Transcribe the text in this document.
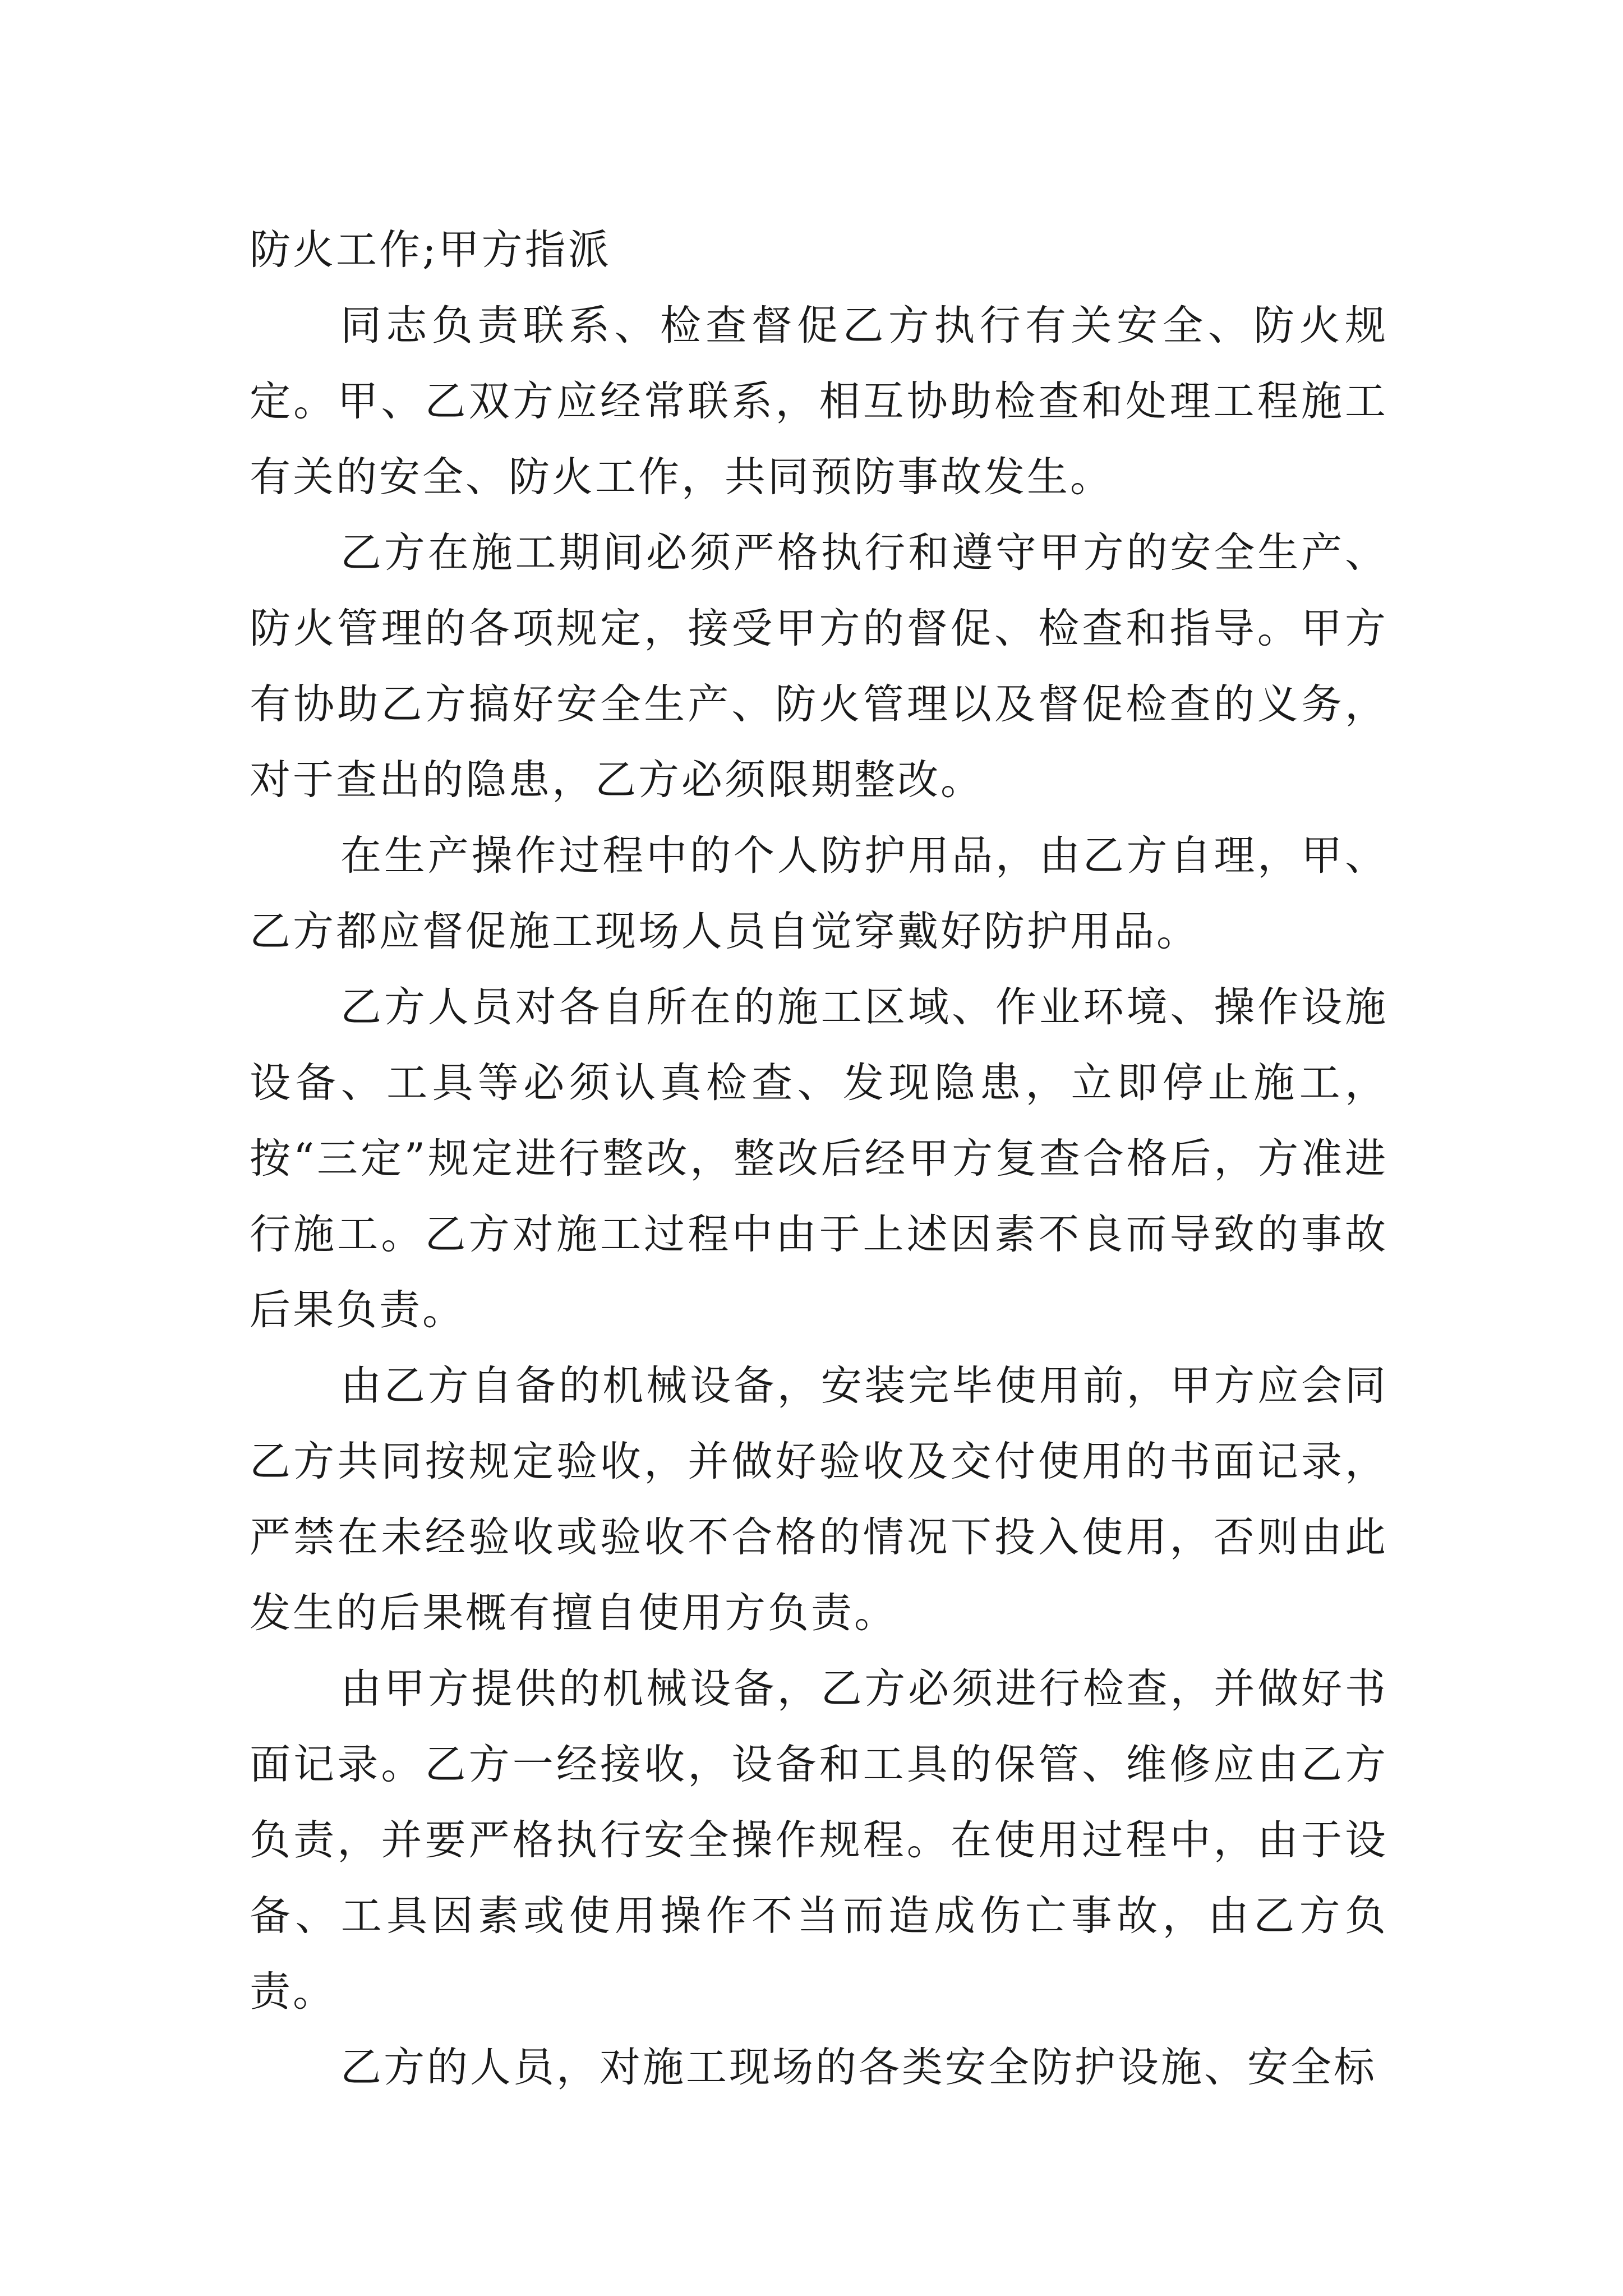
防火工作;甲方指派

同志负责联系、检查督促乙方执行有关安全、防火规定。甲、乙双方应经常联系，相互协助检查和处理工程施工有关的安全、防火工作，共同预防事故发生。

乙方在施工期间必须严格执行和遵守甲方的安全生产、防火管理的各项规定，接受甲方的督促、检查和指导。甲方有协助乙方搞好安全生产、防火管理以及督促检查的义务，对于查出的隐患，乙方必须限期整改。

在生产操作过程中的个人防护用品，由乙方自理，甲、乙方都应督促施工现场人员自觉穿戴好防护用品。

乙方人员对各自所在的施工区域、作业环境、操作设施设备、工具等必须认真检查、发现隐患，立即停止施工，按“三定”规定进行整改，整改后经甲方复查合格后，方准进行施工。乙方对施工过程中由于上述因素不良而导致的事故后果负责。

由乙方自备的机械设备，安装完毕使用前，甲方应会同乙方共同按规定验收，并做好验收及交付使用的书面记录，严禁在未经验收或验收不合格的情况下投入使用，否则由此发生的后果概有擅自使用方负责。

由甲方提供的机械设备，乙方必须进行检查，并做好书面记录。乙方一经接收，设备和工具的保管、维修应由乙方负责，并要严格执行安全操作规程。在使用过程中，由于设备、工具因素或使用操作不当而造成伤亡事故，由乙方负责。

乙方的人员，对施工现场的各类安全防护设施、安全标
